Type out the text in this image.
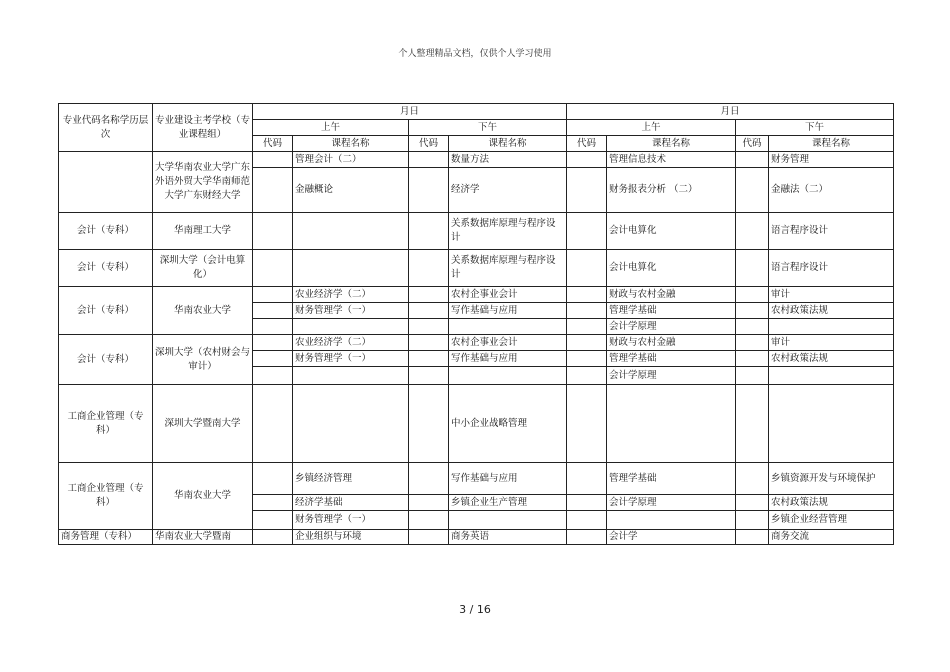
个人整理精品文档，仅供个人学习使用
专业代码名称学历层次	专业建设主考学校（专业课程组）	月日				月日			
		上午		下午		上午		下午	
		代码	课程名称	代码	课程名称	代码	课程名称	代码	课程名称
	大学华南农业大学广东外语外贸大学华南师范大学广东财经大学		管理会计（二）		数量方法		管理信息技术		财务管理
			金融概论		经济学		财务报表分析 （二）		金融法（二）
会计（专科）	华南理工大学				关系数据库原理与程序设计		会计电算化		语言程序设计
会计（专科）	深圳大学（会计电算化）				关系数据库原理与程序设计		会计电算化		语言程序设计
会计（专科）	华南农业大学		农业经济学（二）		农村企事业会计		财政与农村金融		审计
			财务管理学（一）		写作基础与应用		管理学基础		农村政策法规
							会计学原理		
会计（专科）	深圳大学（农村财会与审计）		农业经济学（二）		农村企事业会计		财政与农村金融		审计
			财务管理学（一）		写作基础与应用		管理学基础		农村政策法规
							会计学原理		
工商企业管理（专科）	深圳大学暨南大学				中小企业战略管理				
工商企业管理（专科）	华南农业大学		乡镇经济管理		写作基础与应用		管理学基础		乡镇资源开发与环境保护
			经济学基础		乡镇企业生产管理		会计学原理		农村政策法规
			财务管理学（一）						乡镇企业经营管理
商务管理（专科）	华南农业大学暨南		企业组织与环境		商务英语		会计学		商务交流
3 / 16
